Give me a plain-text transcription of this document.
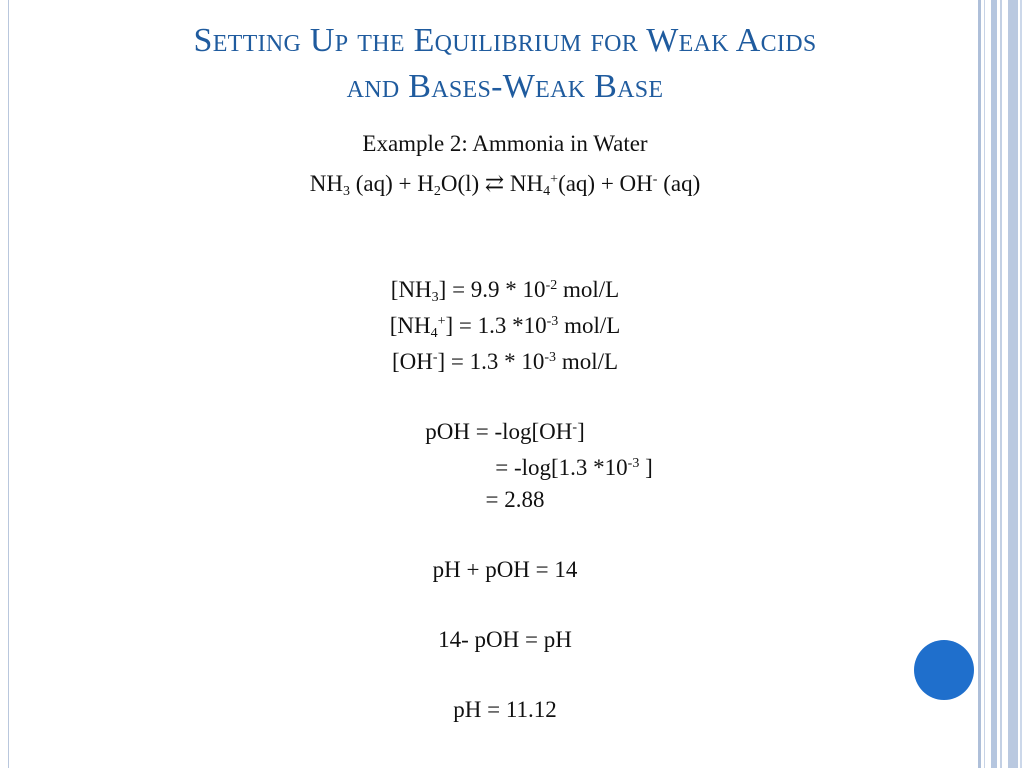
Setting Up the Equilibrium for Weak Acids
and Bases-Weak Base
Example 2: Ammonia in Water
$NH_3$ $(aq) + H_2O(l)$ ⇄ $NH_4^+(aq) + OH^-$ (aq)
$[NH_3] = 9.9 * 10^{-2}$ mol/L
$[NH_4^+] = 1.3$ $*10^{-3}$ mol/L
$[OH^-] = 1.3 * 10^{-3}$ mol/L
pOH = -log[OH-]
= -log[1.3 $*10^{-3}$ ]
= 2.88
pH + pOH = 14
14- pOH = pH
pH = 11.12
